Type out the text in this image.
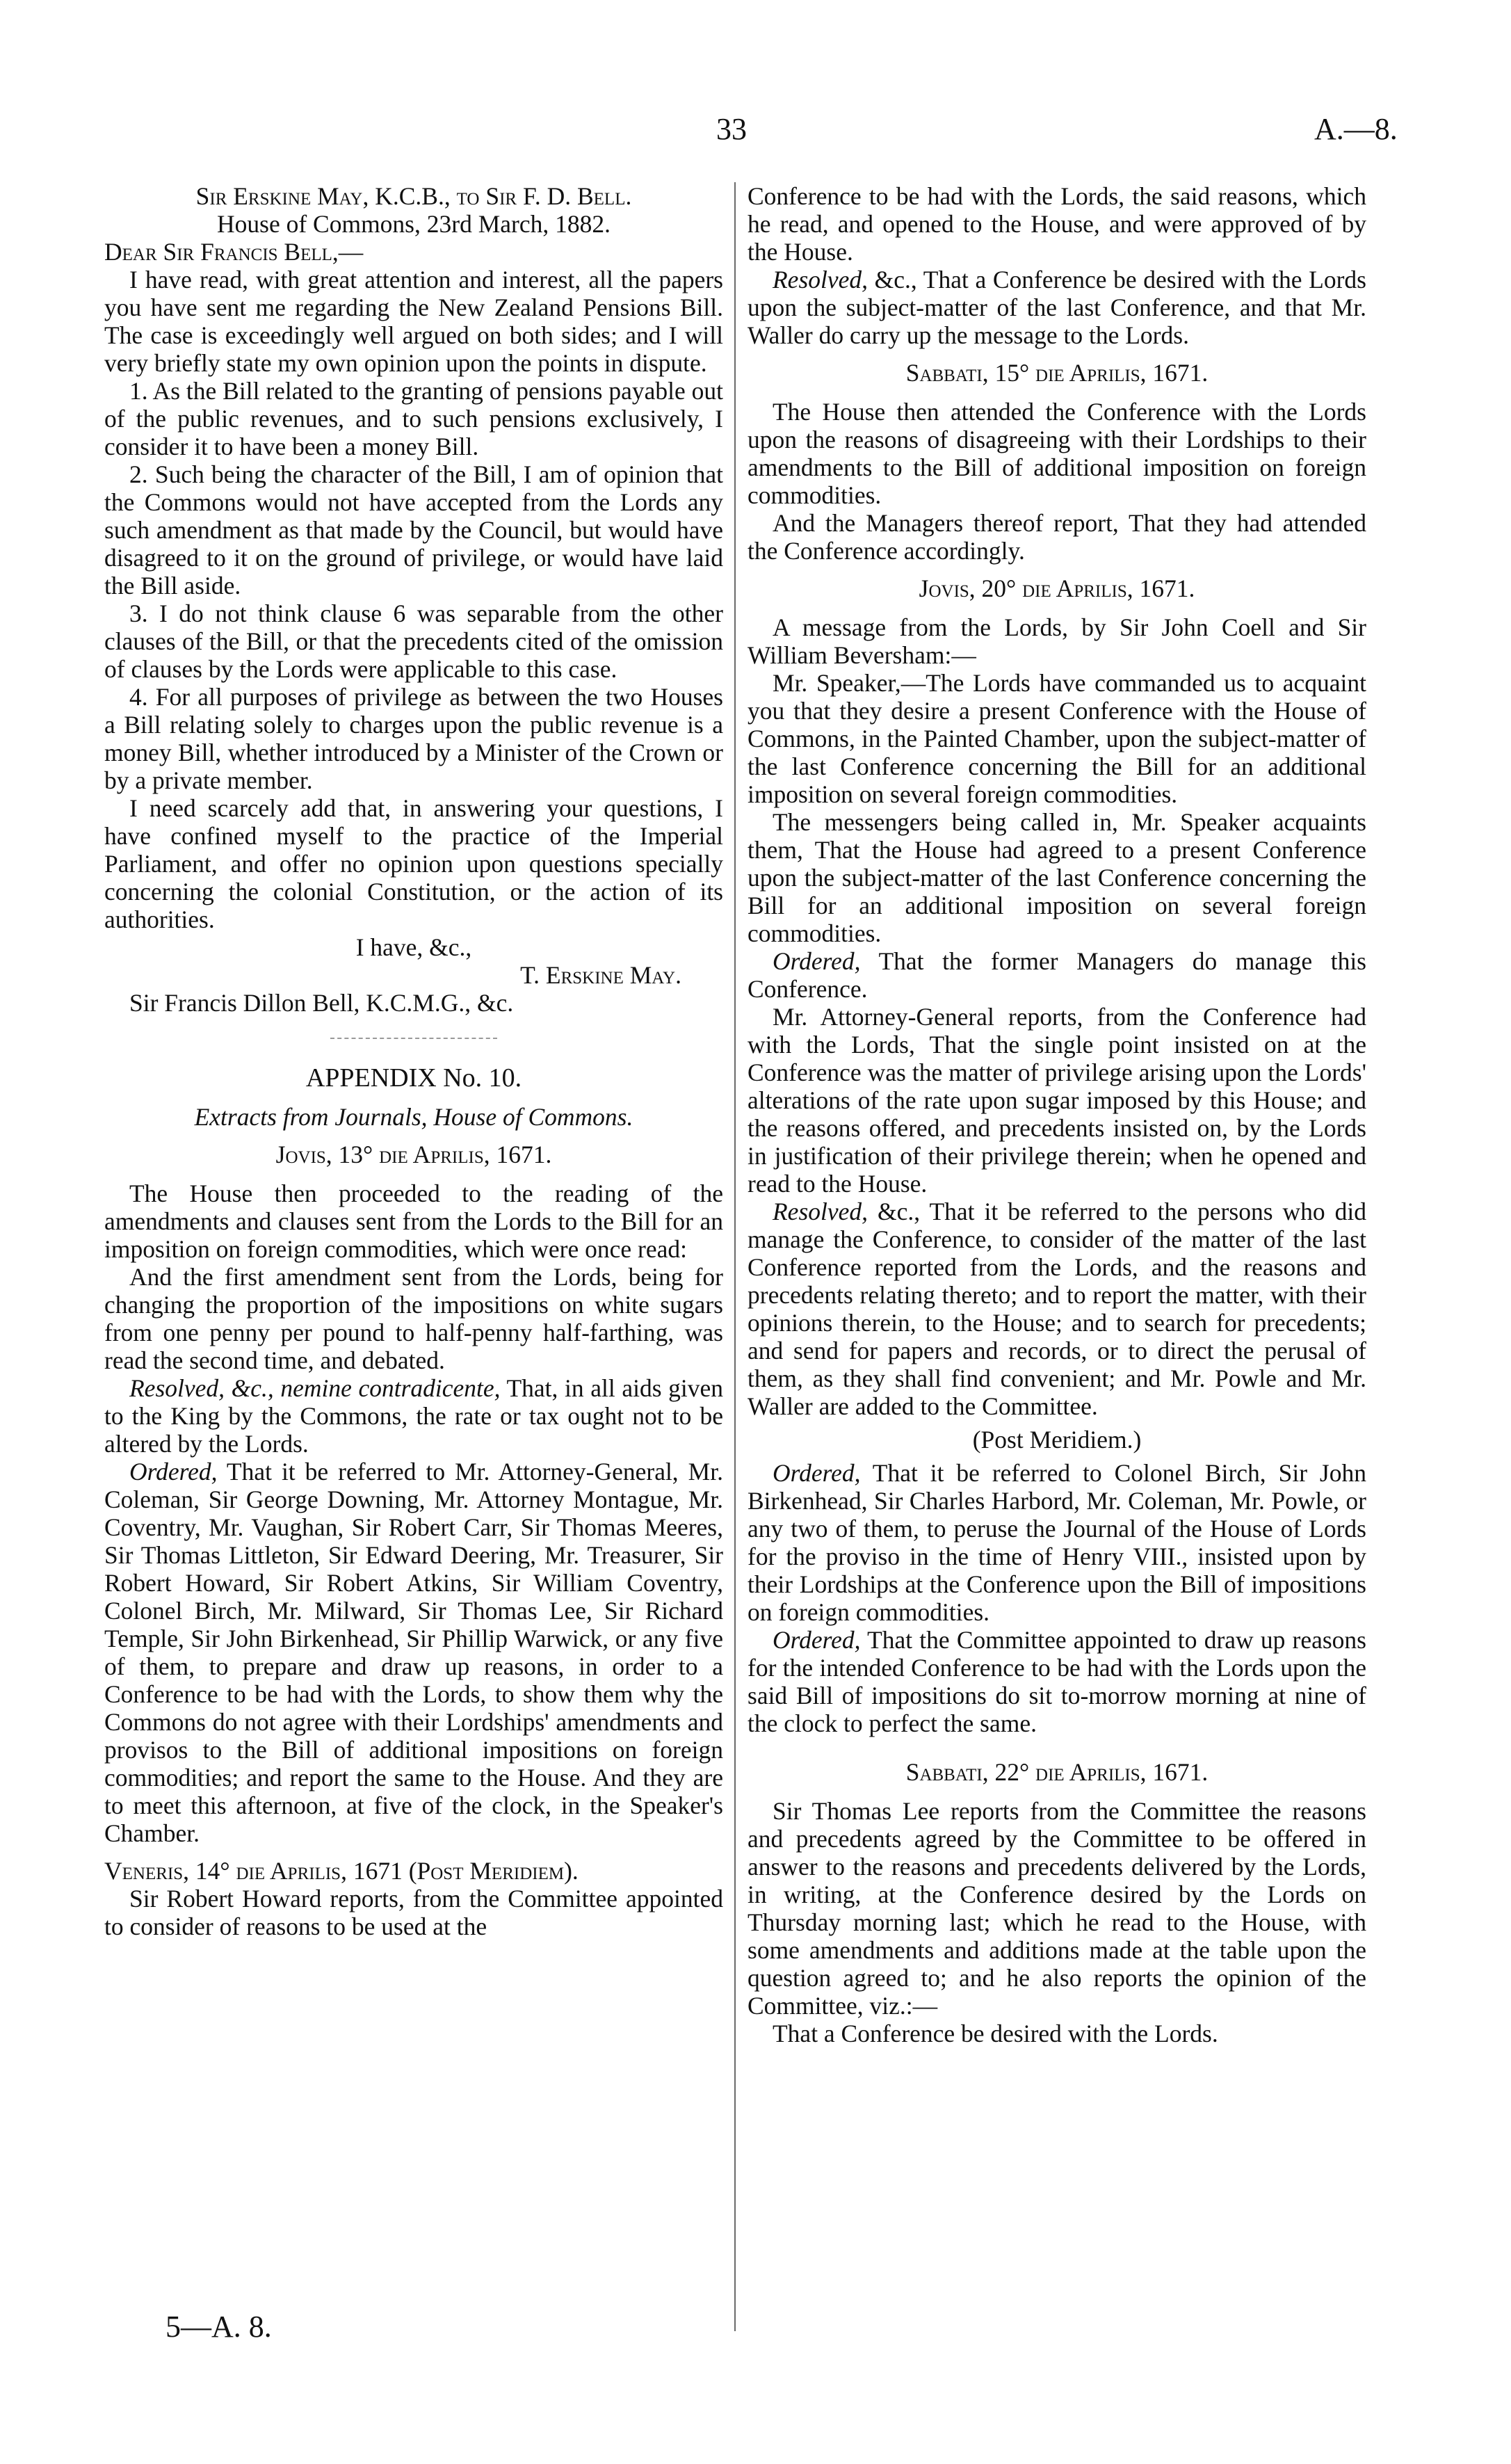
33	A.—8.

Sir Erskine May, K.C.B., to Sir F. D. Bell.

House of Commons, 23rd March, 1882.

Dear Sir Francis Bell,—

I have read, with great attention and interest, all the papers you have sent me regarding the New Zealand Pensions Bill. The case is exceedingly well argued on both sides; and I will very briefly state my own opinion upon the points in dispute.

1. As the Bill related to the granting of pensions payable out of the public revenues, and to such pensions exclusively, I consider it to have been a money Bill.

2. Such being the character of the Bill, I am of opinion that the Commons would not have accepted from the Lords any such amendment as that made by the Council, but would have disagreed to it on the ground of privilege, or would have laid the Bill aside.

3. I do not think clause 6 was separable from the other clauses of the Bill, or that the precedents cited of the omission of clauses by the Lords were applicable to this case.

4. For all purposes of privilege as between the two Houses a Bill relating solely to charges upon the public revenue is a money Bill, whether introduced by a Minister of the Crown or by a private member.

I need scarcely add that, in answering your questions, I have confined myself to the practice of the Imperial Parliament, and offer no opinion upon questions specially concerning the colonial Constitution, or the action of its authorities.

I have, &c.,

T. Erskine May.

Sir Francis Dillon Bell, K.C.M.G., &c.

APPENDIX No. 10.

Extracts from Journals, House of Commons.

Jovis, 13° die Aprilis, 1671.

The House then proceeded to the reading of the amendments and clauses sent from the Lords to the Bill for an imposition on foreign commodities, which were once read:

And the first amendment sent from the Lords, being for changing the proportion of the impositions on white sugars from one penny per pound to half-penny half-farthing, was read the second time, and debated.

Resolved, &c., nemine contradicente, That, in all aids given to the King by the Commons, the rate or tax ought not to be altered by the Lords.

Ordered, That it be referred to Mr. Attorney-General, Mr. Coleman, Sir George Downing, Mr. Attorney Montague, Mr. Coventry, Mr. Vaughan, Sir Robert Carr, Sir Thomas Meeres, Sir Thomas Littleton, Sir Edward Deering, Mr. Treasurer, Sir Robert Howard, Sir Robert Atkins, Sir William Coventry, Colonel Birch, Mr. Milward, Sir Thomas Lee, Sir Richard Temple, Sir John Birkenhead, Sir Phillip Warwick, or any five of them, to prepare and draw up reasons, in order to a Conference to be had with the Lords, to show them why the Commons do not agree with their Lordships' amendments and provisos to the Bill of additional impositions on foreign commodities; and report the same to the House. And they are to meet this afternoon, at five of the clock, in the Speaker's Chamber.

Veneris, 14° die Aprilis, 1671 (Post Meridiem).

Sir Robert Howard reports, from the Committee appointed to consider of reasons to be used at the

Conference to be had with the Lords, the said reasons, which he read, and opened to the House, and were approved of by the House.

Resolved, &c., That a Conference be desired with the Lords upon the subject-matter of the last Conference, and that Mr. Waller do carry up the message to the Lords.

Sabbati, 15° die Aprilis, 1671.

The House then attended the Conference with the Lords upon the reasons of disagreeing with their Lordships to their amendments to the Bill of additional imposition on foreign commodities.

And the Managers thereof report, That they had attended the Conference accordingly.

Jovis, 20° die Aprilis, 1671.

A message from the Lords, by Sir John Coell and Sir William Beversham:—

Mr. Speaker,—The Lords have commanded us to acquaint you that they desire a present Conference with the House of Commons, in the Painted Chamber, upon the subject-matter of the last Conference concerning the Bill for an additional imposition on several foreign commodities.

The messengers being called in, Mr. Speaker acquaints them, That the House had agreed to a present Conference upon the subject-matter of the last Conference concerning the Bill for an additional imposition on several foreign commodities.

Ordered, That the former Managers do manage this Conference.

Mr. Attorney-General reports, from the Conference had with the Lords, That the single point insisted on at the Conference was the matter of privilege arising upon the Lords' alterations of the rate upon sugar imposed by this House; and the reasons offered, and precedents insisted on, by the Lords in justification of their privilege therein; when he opened and read to the House.

Resolved, &c., That it be referred to the persons who did manage the Conference, to consider of the matter of the last Conference reported from the Lords, and the reasons and precedents relating thereto; and to report the matter, with their opinions therein, to the House; and to search for precedents; and send for papers and records, or to direct the perusal of them, as they shall find convenient; and Mr. Powle and Mr. Waller are added to the Committee.

(Post Meridiem.)

Ordered, That it be referred to Colonel Birch, Sir John Birkenhead, Sir Charles Harbord, Mr. Coleman, Mr. Powle, or any two of them, to peruse the Journal of the House of Lords for the proviso in the time of Henry VIII., insisted upon by their Lordships at the Conference upon the Bill of impositions on foreign commodities.

Ordered, That the Committee appointed to draw up reasons for the intended Conference to be had with the Lords upon the said Bill of impositions do sit to-morrow morning at nine of the clock to perfect the same.

Sabbati, 22° die Aprilis, 1671.

Sir Thomas Lee reports from the Committee the reasons and precedents agreed by the Committee to be offered in answer to the reasons and precedents delivered by the Lords, in writing, at the Conference desired by the Lords on Thursday morning last; which he read to the House, with some amendments and additions made at the table upon the question agreed to; and he also reports the opinion of the Committee, viz.:—

That a Conference be desired with the Lords.

5—A. 8.
